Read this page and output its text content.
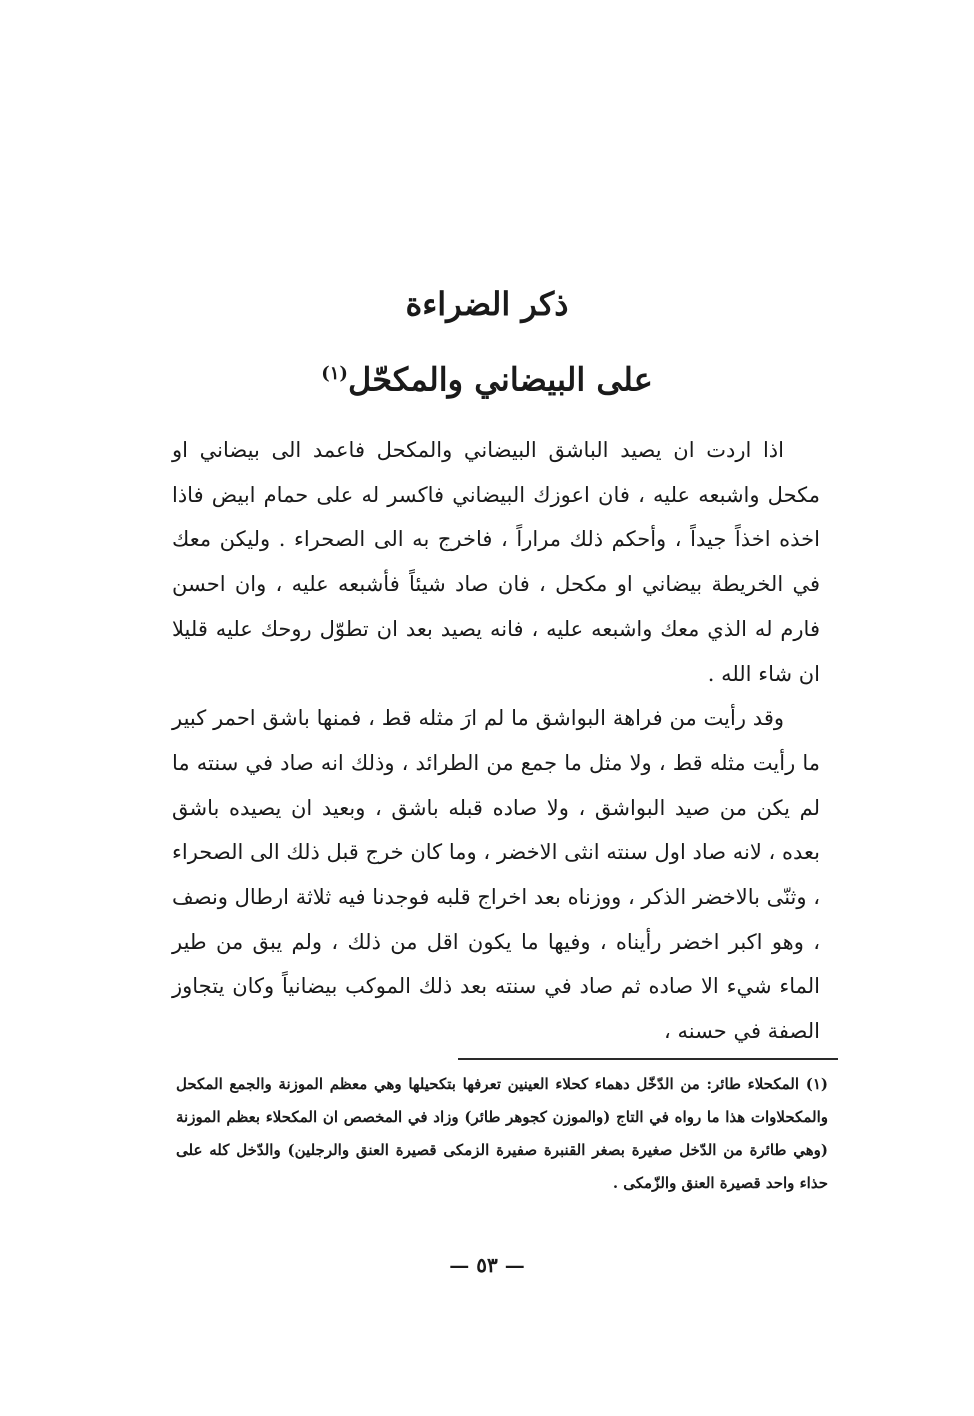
ذكر الضراءة
على البيضاني والمكحّل$^{(١)}$

اذا اردت ان يصيد الباشق البيضاني والمكحل فاعمد الى بيضاني او مكحل واشبعه عليه ، فان اعوزك البيضاني فاكسر له على حمام ابيض فاذا اخذه اخذاً جيداً ، وأحكم ذلك مراراً ، فاخرج به الى الصحراء . وليكن معك في الخريطة بيضاني او مكحل ، فان صاد شيئاً فأشبعه عليه ، وان احسن فارم له الذي معك واشبعه عليه ، فانه يصيد بعد ان تطوّل روحك عليه قليلا ان شاء الله .

وقد رأيت من فراهة البواشق ما لم ارَ مثله قط ، فمنها باشق احمر كبير ما رأيت مثله قط ، ولا مثل ما جمع من الطرائد ، وذلك انه صاد في سنته ما لم يكن من صيد البواشق ، ولا صاده قبله باشق ، وبعيد ان يصيده باشق بعده ، لانه صاد اول سنته انثى الاخضر ، وما كان خرج قبل ذلك الى الصحراء ، وثنّى بالاخضر الذكر ، ووزناه بعد اخراج قلبه فوجدنا فيه ثلاثة ارطال ونصف ، وهو اكبر اخضر رأيناه ، وفيها ما يكون اقل من ذلك ، ولم يبق من طير الماء شيء الا صاده ثم صاد في سنته بعد ذلك الموكب بيضانياً وكان يتجاوز الصفة في حسنه ،

(١) المكحلاء طائر: من الدّخّل دهماء كحلاء العينين تعرفها بتكحيلها وهي معظم الموزنة والجمع المكحل والمكحلاوات هذا ما رواه في التاج (والموزن كجوهر طائر) وزاد في المخصص ان المكحلاء بعظم الموزنة (وهي طائرة من الدّخل صغيرة بصغر القنبرة صفيرة الزمكى قصيرة العنق والرجلين) والدّخل كله على حذاء واحد قصيرة العنق والزّمكى .

— ٥٣ —
